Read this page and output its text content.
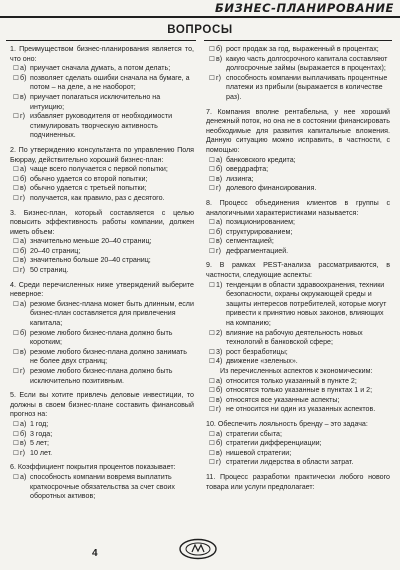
БИЗНЕС-ПЛАНИРОВАНИЕ
ВОПРОСЫ
1. Преимуществом бизнес-планирования является то, что оно:
☐ а) приучает сначала думать, а потом делать;
☐ б) позволяет сделать ошибки сначала на бумаге, а потом – на деле, а не наоборот;
☐ в) приучает полагаться исключительно на интуицию;
☐ г) избавляет руководителя от необходимости стимулировать творческую активность подчиненных.
2. По утверждению консультанта по управлению Поля Бюррау, действительно хороший бизнес-план:
☐ а) чаще всего получается с первой попытки;
☐ б) обычно удается со второй попытки;
☐ в) обычно удается с третьей попытки;
☐ г) получается, как правило, раз с десятого.
3. Бизнес-план, который составляется с целью повысить эффективность работы компании, должен иметь объем:
☐ а) значительно меньше 20–40 страниц;
☐ б) 20–40 страниц;
☐ в) значительно больше 20–40 страниц;
☐ г) 50 страниц.
4. Среди перечисленных ниже утверждений выберите неверное:
☐ а) резюме бизнес-плана может быть длинным, если бизнес-план составляется для привлечения капитала;
☐ б) резюме любого бизнес-плана должно быть коротким;
☐ в) резюме любого бизнес-плана должно занимать не более двух страниц;
☐ г) резюме любого бизнес-плана должно быть исключительно позитивным.
5. Если вы хотите привлечь деловые инвестиции, то должны в своем бизнес-плане составить финансовый прогноз на:
☐ а) 1 год;
☐ б) 3 года;
☐ в) 5 лет;
☐ г) 10 лет.
6. Коэффициент покрытия процентов показывает:
☐ а) способность компании вовремя выплатить краткосрочные обязательства за счет своих оборотных активов;
☐ б) рост продаж за год, выраженный в процентах;
☐ в) какую часть долгосрочного капитала составляют долгосрочные займы (выражается в процентах);
☐ г) способность компании выплачивать процентные платежи из прибыли (выражается в количестве раз).
7. Компания вполне рентабельна, у нее хороший денежный поток, но она не в состоянии финансировать необходимые для развития капитальные вложения. Данную ситуацию можно исправить, в частности, с помощью:
☐ а) банковского кредита;
☐ б) овердрафта;
☐ в) лизинга;
☐ г) долевого финансирования.
8. Процесс объединения клиентов в группы с аналогичными характеристиками называется:
☐ а) позиционированием;
☐ б) структурированием;
☐ в) сегментацией;
☐ г) дефрагментацией.
9. В рамках PEST-анализа рассматриваются, в частности, следующие аспекты:
☐ 1) тенденции в области здравоохранения, техники безопасности, охраны окружающей среды и защиты интересов потребителей, которые могут привести к принятию новых законов, влияющих на компанию;
☐ 2) влияние на рабочую деятельность новых технологий в банковской сфере;
☐ 3) рост безработицы;
☐ 4) движение «зеленых».
Из перечисленных аспектов к экономическим:
☐ а) относится только указанный в пункте 2;
☐ б) относятся только указанные в пунктах 1 и 2;
☐ в) относятся все указанные аспекты;
☐ г) не относится ни один из указанных аспектов.
10. Обеспечить лояльность бренду – это задача:
☐ а) стратегии сбыта;
☐ б) стратегии дифференциации;
☐ в) нишевой стратегии;
☐ г) стратегии лидерства в области затрат.
11. Процесс разработки практически любого нового товара или услуги предполагает:
4
